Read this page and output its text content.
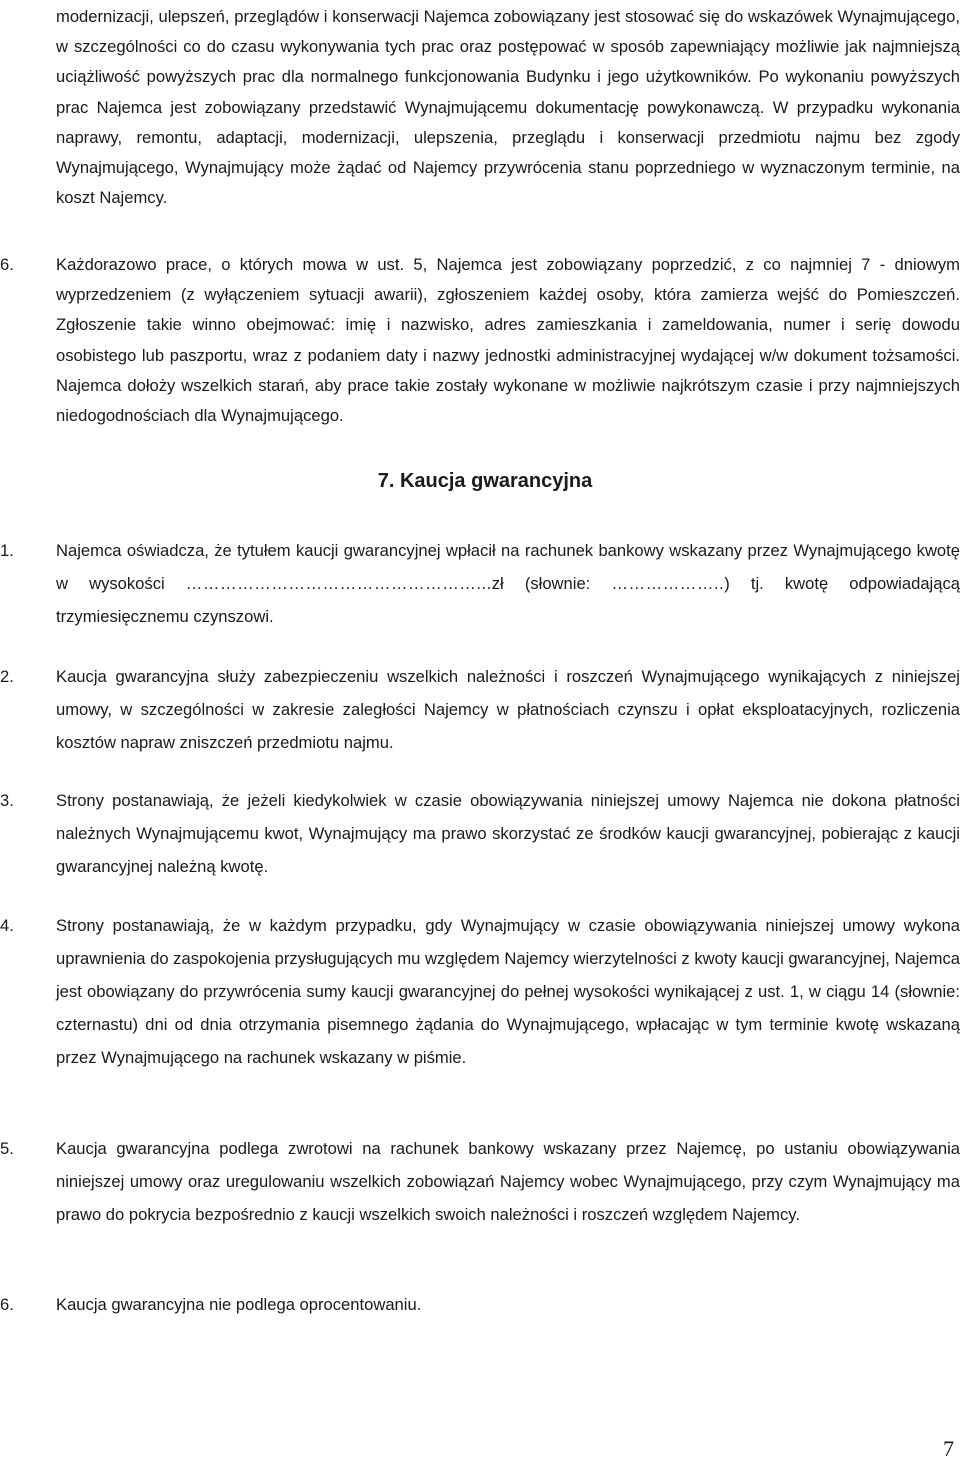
modernizacji, ulepszeń, przeglądów i konserwacji Najemca zobowiązany jest stosować się do wskazówek Wynajmującego, w szczególności co do czasu wykonywania tych prac oraz postępować w sposób zapewniający możliwie jak najmniejszą uciążliwość powyższych prac dla normalnego funkcjonowania Budynku i jego użytkowników. Po wykonaniu powyższych prac Najemca jest zobowiązany przedstawić Wynajmującemu dokumentację powykonawczą. W przypadku wykonania naprawy, remontu, adaptacji, modernizacji, ulepszenia, przeglądu i konserwacji przedmiotu najmu bez zgody Wynajmującego, Wynajmujący może żądać od Najemcy przywrócenia stanu poprzedniego w wyznaczonym terminie, na koszt Najemcy.

6.	Każdorazowo prace, o których mowa w ust. 5, Najemca jest zobowiązany poprzedzić, z co najmniej 7 - dniowym wyprzedzeniem (z wyłączeniem sytuacji awarii), zgłoszeniem każdej osoby, która zamierza wejść do Pomieszczeń. Zgłoszenie takie winno obejmować: imię i nazwisko, adres zamieszkania i zameldowania, numer i serię dowodu osobistego lub paszportu, wraz z podaniem daty i nazwy jednostki administracyjnej wydającej w/w dokument tożsamości. Najemca dołoży wszelkich starań, aby prace takie zostały wykonane w możliwie najkrótszym czasie i przy najmniejszych niedogodnościach dla Wynajmującego.
7. Kaucja gwarancyjna
1.	Najemca oświadcza, że tytułem kaucji gwarancyjnej wpłacił na rachunek bankowy wskazany przez Wynajmującego kwotę w wysokości ……………………………………………...zł (słownie: ………………..) tj. kwotę odpowiadającą trzymiesięcznemu czynszowi.
2.	Kaucja gwarancyjna służy zabezpieczeniu wszelkich należności i roszczeń Wynajmującego wynikających z niniejszej umowy, w szczególności w zakresie zaległości Najemcy w płatnościach czynszu i opłat eksploatacyjnych, rozliczenia kosztów napraw zniszczeń przedmiotu najmu.
3.	Strony postanawiają, że jeżeli kiedykolwiek w czasie obowiązywania niniejszej umowy Najemca nie dokona płatności należnych Wynajmującemu kwot, Wynajmujący ma prawo skorzystać ze środków kaucji gwarancyjnej, pobierając z kaucji gwarancyjnej należną kwotę.
4.	Strony postanawiają, że w każdym przypadku, gdy Wynajmujący w czasie obowiązywania niniejszej umowy wykona uprawnienia do zaspokojenia przysługujących mu względem Najemcy wierzytelności z kwoty kaucji gwarancyjnej, Najemca jest obowiązany do przywrócenia sumy kaucji gwarancyjnej do pełnej wysokości wynikającej z ust. 1, w ciągu 14 (słownie: czternastu) dni od dnia otrzymania pisemnego żądania do Wynajmującego, wpłacając w tym terminie kwotę wskazaną przez Wynajmującego na rachunek wskazany w piśmie.
5.	Kaucja gwarancyjna podlega zwrotowi na rachunek bankowy wskazany przez Najemcę, po ustaniu obowiązywania niniejszej umowy oraz uregulowaniu wszelkich zobowiązań Najemcy wobec Wynajmującego, przy czym Wynajmujący ma prawo do pokrycia bezpośrednio z kaucji wszelkich swoich należności i roszczeń względem Najemcy.
6.	Kaucja gwarancyjna nie podlega oprocentowaniu.
7
